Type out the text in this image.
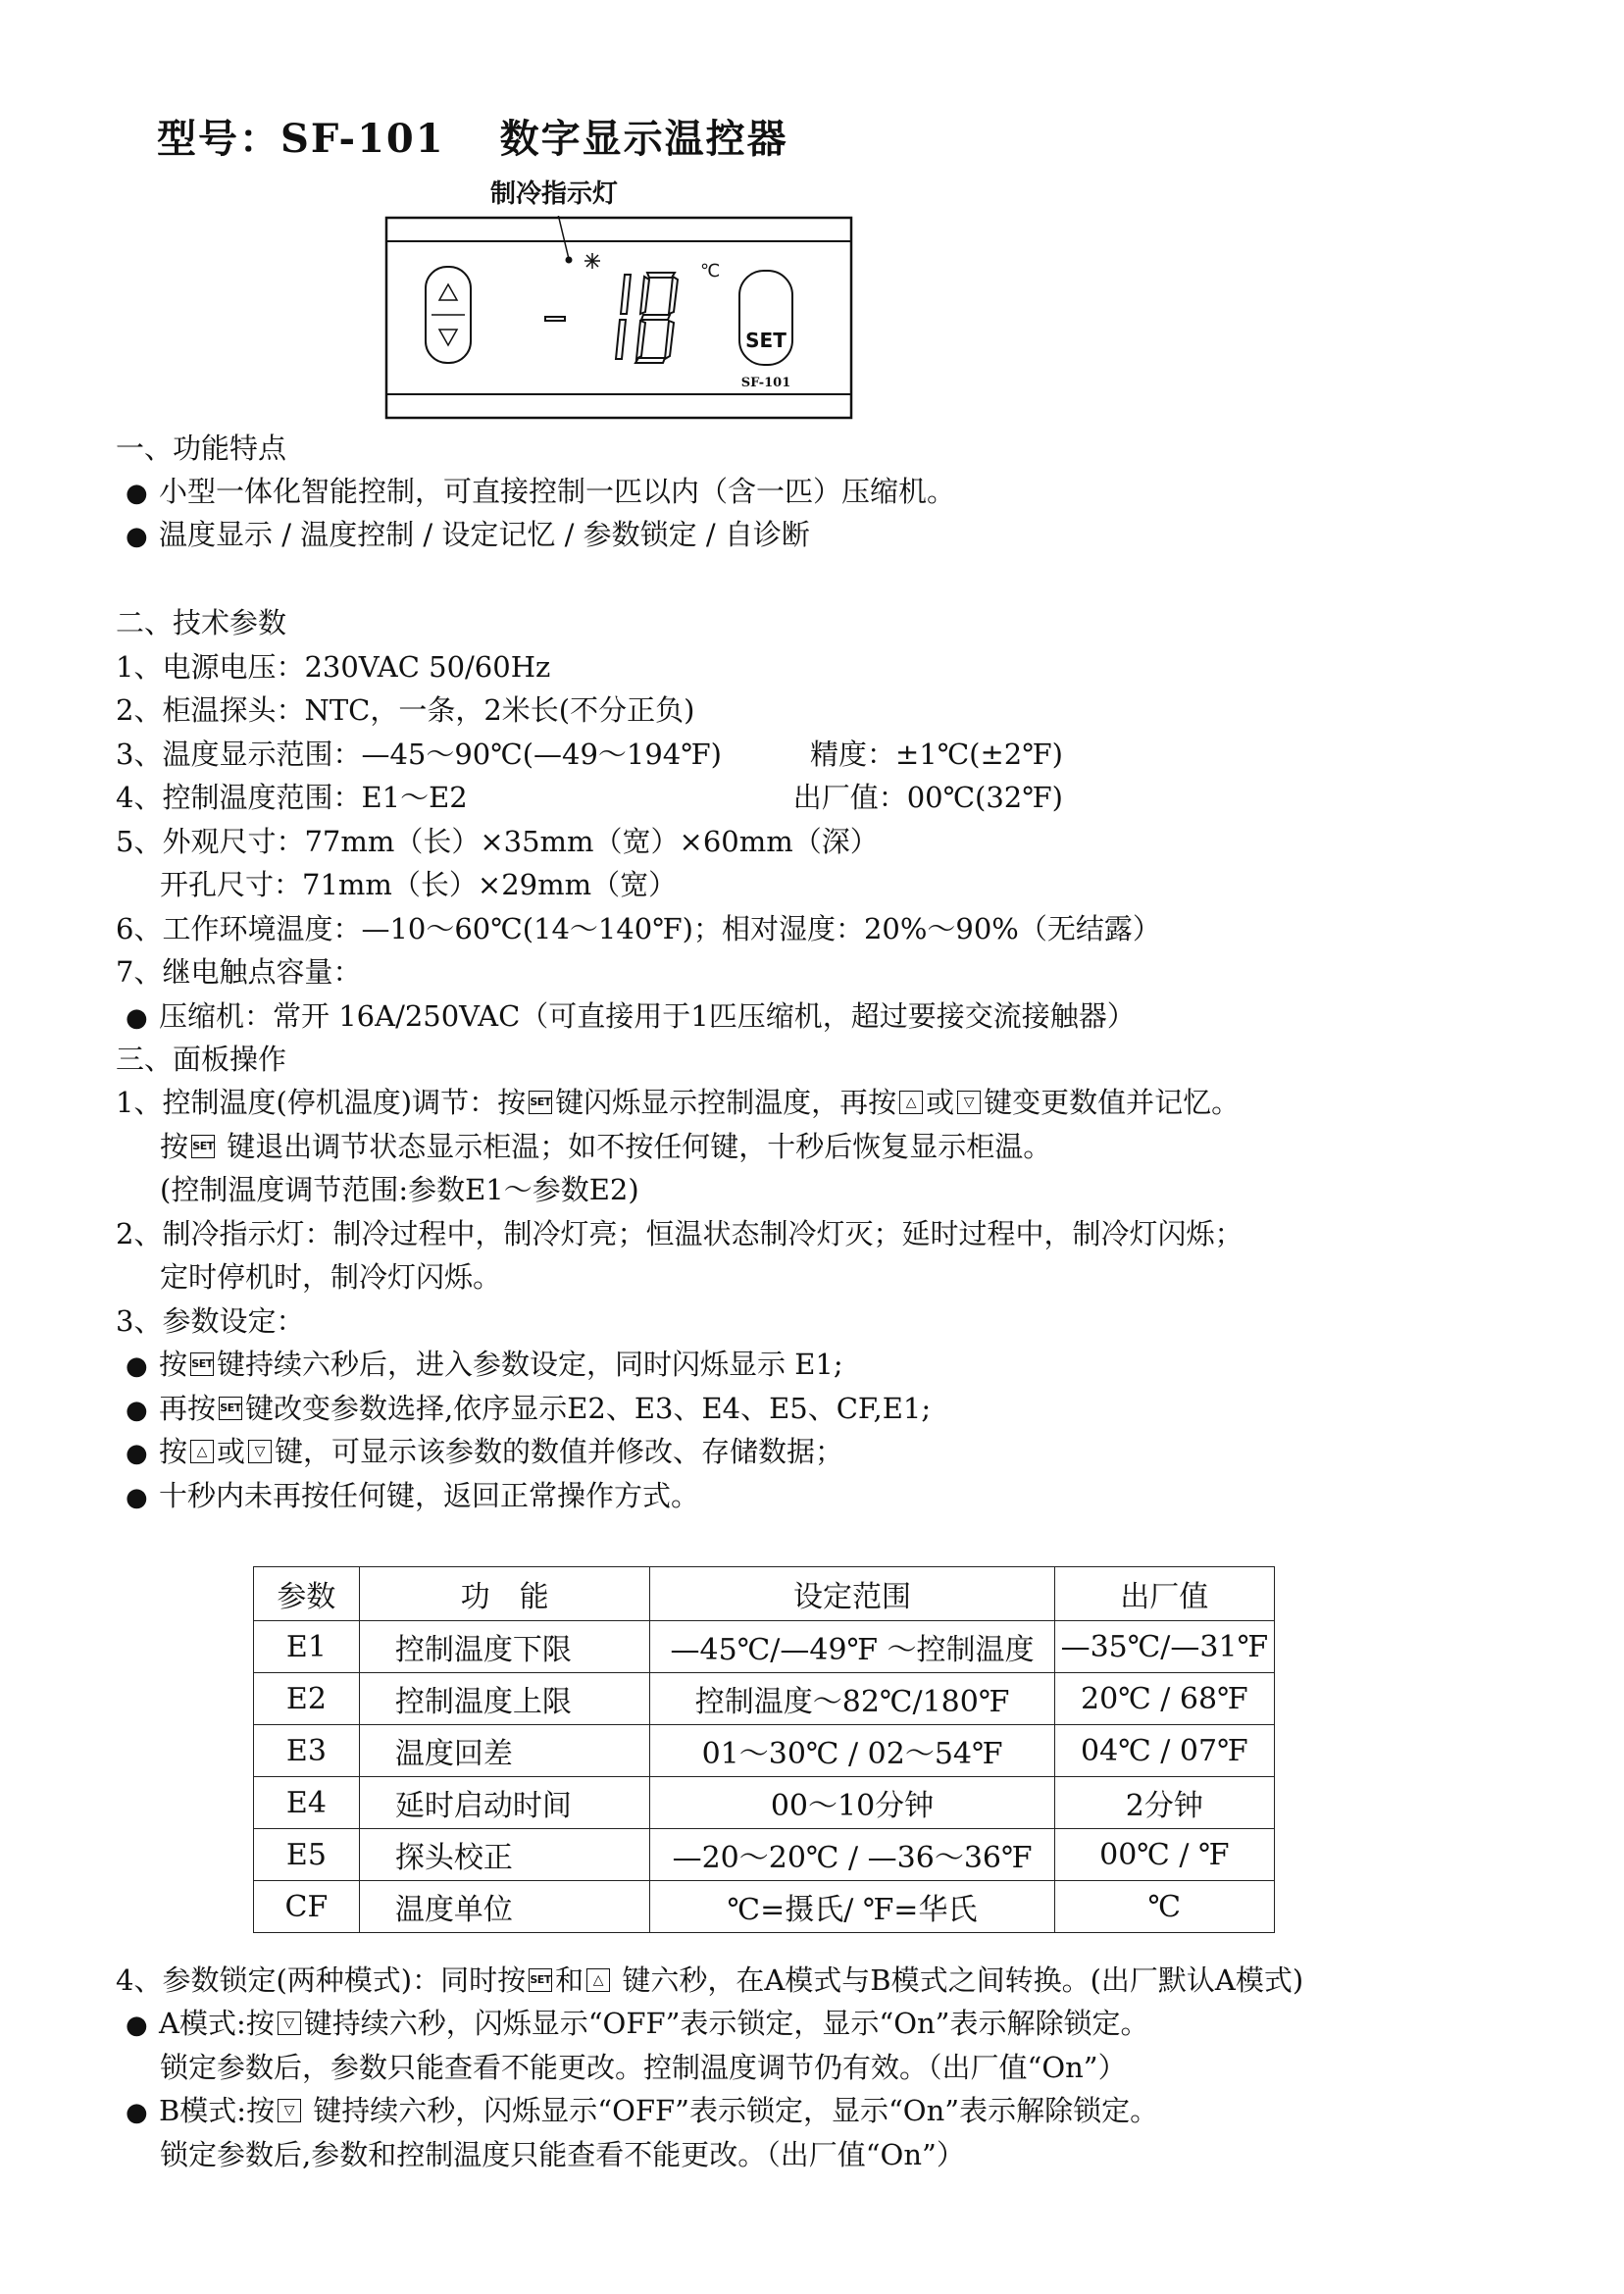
型号：SF-101 数字显示温控器
制冷指示灯
℃
SET
SF-101
一、功能特点
● 小型一体化智能控制，可直接控制一匹以内（含一匹）压缩机。
● 温度显示 / 温度控制 / 设定记忆 / 参数锁定 / 自诊断
二、技术参数
1、电源电压：230VAC 50/60Hz
2、柜温探头：NTC，一条，2米长(不分正负)
3、温度显示范围：—45～90℃(—49～194℉)	精度：±1℃(±2℉)
4、控制温度范围：E1～E2	出厂值：00℃(32℉)
5、外观尺寸：77mm（长）×35mm（宽）×60mm（深）
开孔尺寸：71mm（长）×29mm（宽）
6、工作环境温度：—10～60℃(14～140℉)；相对湿度：20%～90%（无结露）
7、继电触点容量：
● 压缩机：常开 16A/250VAC（可直接用于1匹压缩机，超过要接交流接触器）
三、面板操作
1、控制温度(停机温度)调节：按 SET 键闪烁显示控制温度，再按 △ 或 ▽ 键变更数值并记忆。
按 SET 键退出调节状态显示柜温；如不按任何键，十秒后恢复显示柜温。
(控制温度调节范围:参数E1～参数E2)
2、制冷指示灯：制冷过程中，制冷灯亮；恒温状态制冷灯灭；延时过程中，制冷灯闪烁；
定时停机时，制冷灯闪烁。
3、参数设定：
● 按 SET 键持续六秒后，进入参数设定，同时闪烁显示 E1;
● 再按 SET 键改变参数选择,依序显示E2、E3、E4、E5、CF,E1;
● 按 △ 或 ▽ 键，可显示该参数的数值并修改、存储数据；
● 十秒内未再按任何键，返回正常操作方式。
参数	功　能	设定范围	出厂值
E1	控制温度下限	—45℃/—49℉ ～控制温度	—35℃/—31℉
E2	控制温度上限	控制温度～82℃/180℉	20℃ / 68℉
E3	温度回差	01～30℃ / 02～54℉	04℃ / 07℉
E4	延时启动时间	00～10分钟	2分钟
E5	探头校正	—20～20℃ / —36～36℉	00℃ / ℉
CF	温度单位	℃=摄氏/ ℉=华氏	℃
4、参数锁定(两种模式)：同时按 SET 和 △ 键六秒，在A模式与B模式之间转换。(出厂默认A模式)
● A模式:按 ▽ 键持续六秒，闪烁显示“OFF”表示锁定，显示“On”表示解除锁定。
锁定参数后，参数只能查看不能更改。控制温度调节仍有效。（出厂值“On”）
● B模式:按 ▽ 键持续六秒，闪烁显示“OFF”表示锁定，显示“On”表示解除锁定。
锁定参数后,参数和控制温度只能查看不能更改。（出厂值“On”）
